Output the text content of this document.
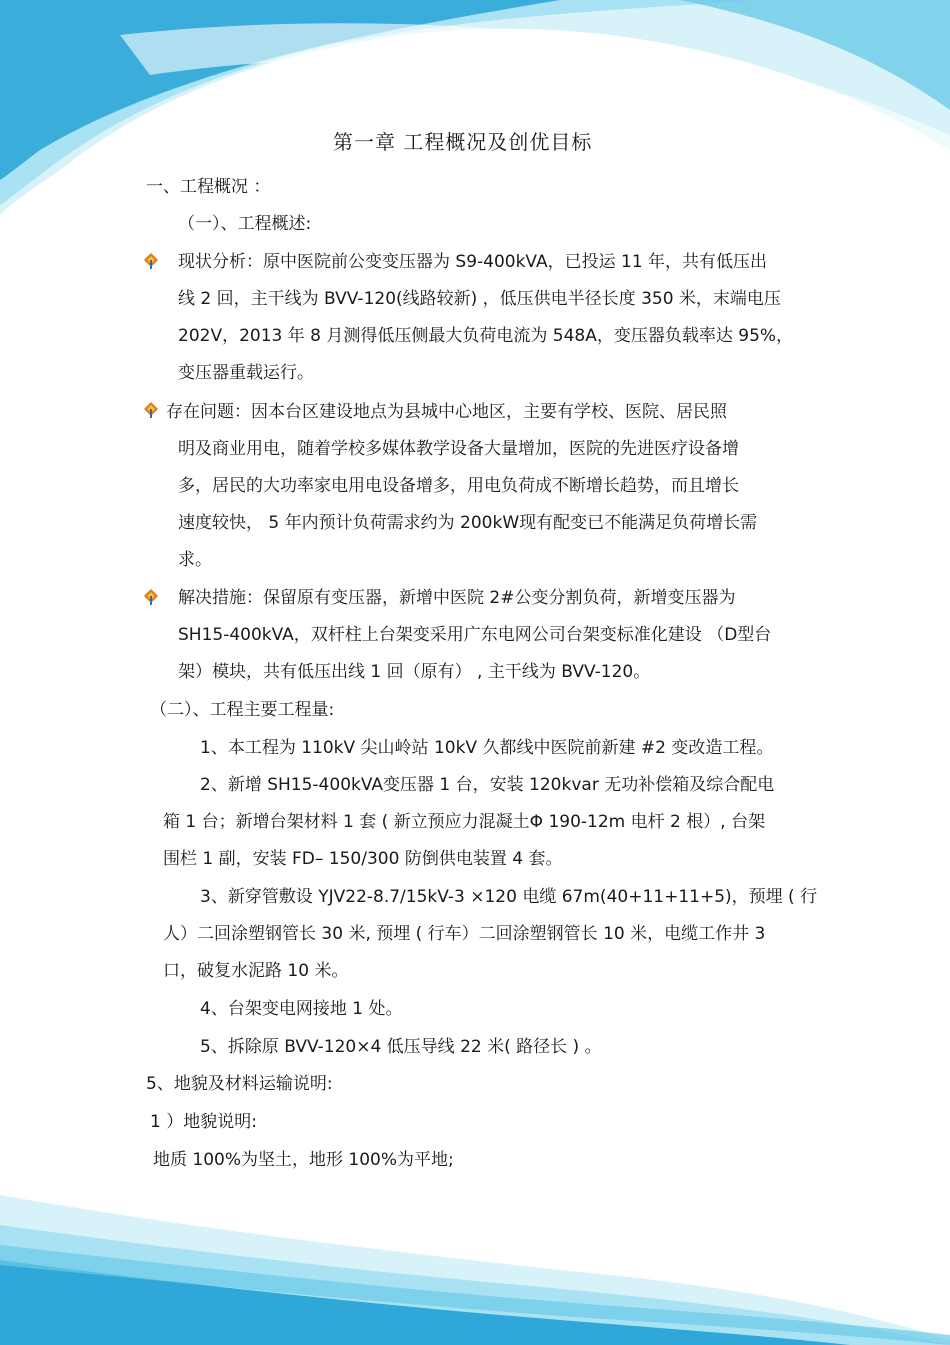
第一章 工程概况及创优目标
一、工程概况 ：
（一）、工程概述:
现状分析：原中医院前公变变压器为 S9-400kVA，已投运 11 年，共有低压出
线 2 回，主干线为 BVV-120(线路较新) ，低压供电半径长度 350 米，末端电压
202V，2013 年 8 月测得低压侧最大负荷电流为 548A，变压器负载率达 95%，
变压器重载运行。
存在问题：因本台区建设地点为县城中心地区，主要有学校、医院、居民照
明及商业用电，随着学校多媒体教学设备大量增加，医院的先进医疗设备增
多，居民的大功率家电用电设备增多，用电负荷成不断增长趋势，而且增长
速度较快， 5 年内预计负荷需求约为 200kW现有配变已不能满足负荷增长需
求。
解决措施：保留原有变压器，新增中医院 2#公变分割负荷，新增变压器为
SH15-400kVA，双杆柱上台架变采用广东电网公司台架变标准化建设 （D型台
架）模块，共有低压出线 1 回（原有） , 主干线为 BVV-120。
（二）、工程主要工程量:
1、本工程为 110kV 尖山岭站 10kV 久都线中医院前新建 #2 变改造工程。
2、新增 SH15-400kVA变压器 1 台，安装 120kvar 无功补偿箱及综合配电
箱 1 台；新增台架材料 1 套 ( 新立预应力混凝土Φ 190-12m 电杆 2 根）, 台架
围栏 1 副，安装 FD– 150/300 防倒供电装置 4 套。
3、新穿管敷设 YJV22-8.7/15kV-3 ×120 电缆 67m(40+11+11+5)，预埋 ( 行
人）二回涂塑钢管长 30 米, 预埋 ( 行车）二回涂塑钢管长 10 米，电缆工作井 3
口，破复水泥路 10 米。
4、台架变电网接地 1 处。
5、拆除原 BVV-120×4 低压导线 22 米( 路径长 ) 。
5、地貌及材料运输说明:
1 ）地貌说明:
地质 100%为坚土，地形 100%为平地;
